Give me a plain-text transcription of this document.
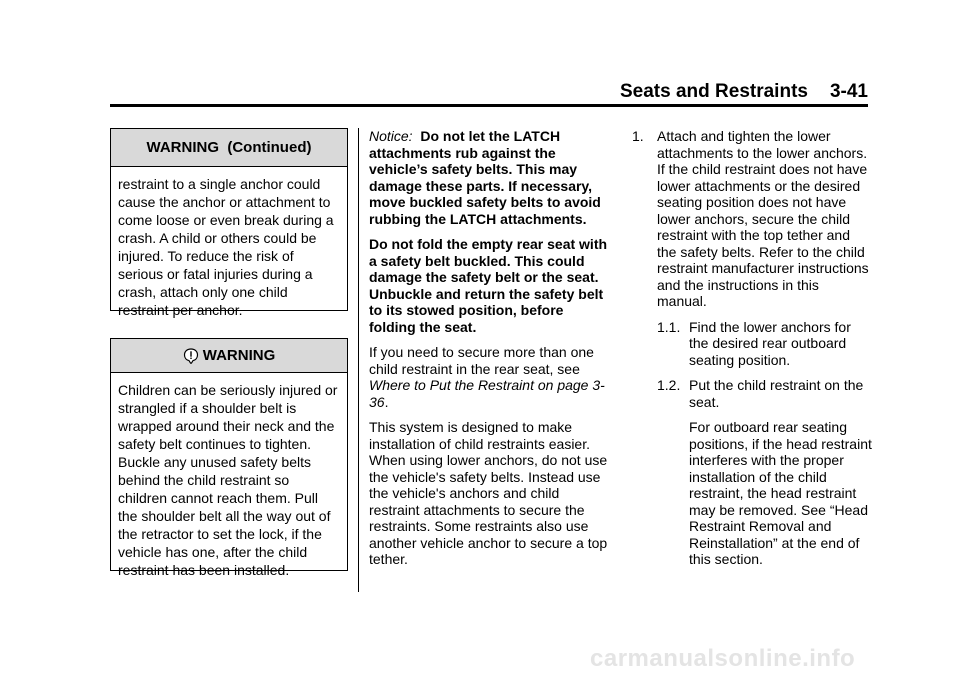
Seats and Restraints 3-41
WARNING  (Continued)
restraint to a single anchor could cause the anchor or attachment to come loose or even break during a crash. A child or others could be injured. To reduce the risk of serious or fatal injuries during a crash, attach only one child restraint per anchor.
WARNING
Children can be seriously injured or strangled if a shoulder belt is wrapped around their neck and the safety belt continues to tighten. Buckle any unused safety belts behind the child restraint so children cannot reach them. Pull the shoulder belt all the way out of the retractor to set the lock, if the vehicle has one, after the child restraint has been installed.

Notice: Do not let the LATCH attachments rub against the vehicle’s safety belts. This may damage these parts. If necessary, move buckled safety belts to avoid rubbing the LATCH attachments.

Do not fold the empty rear seat with a safety belt buckled. This could damage the safety belt or the seat. Unbuckle and return the safety belt to its stowed position, before folding the seat.

If you need to secure more than one child restraint in the rear seat, see Where to Put the Restraint on page 3-36.

This system is designed to make installation of child restraints easier. When using lower anchors, do not use the vehicle's safety belts. Instead use the vehicle's anchors and child restraint attachments to secure the restraints. Some restraints also use another vehicle anchor to secure a top tether.

1. Attach and tighten the lower attachments to the lower anchors. If the child restraint does not have lower attachments or the desired seating position does not have lower anchors, secure the child restraint with the top tether and the safety belts. Refer to the child restraint manufacturer instructions and the instructions in this manual.
1.1. Find the lower anchors for the desired rear outboard seating position.
1.2. Put the child restraint on the seat.

For outboard rear seating positions, if the head restraint interferes with the proper installation of the child restraint, the head restraint may be removed. See “Head Restraint Removal and Reinstallation” at the end of this section.

carmanualsonline.info
